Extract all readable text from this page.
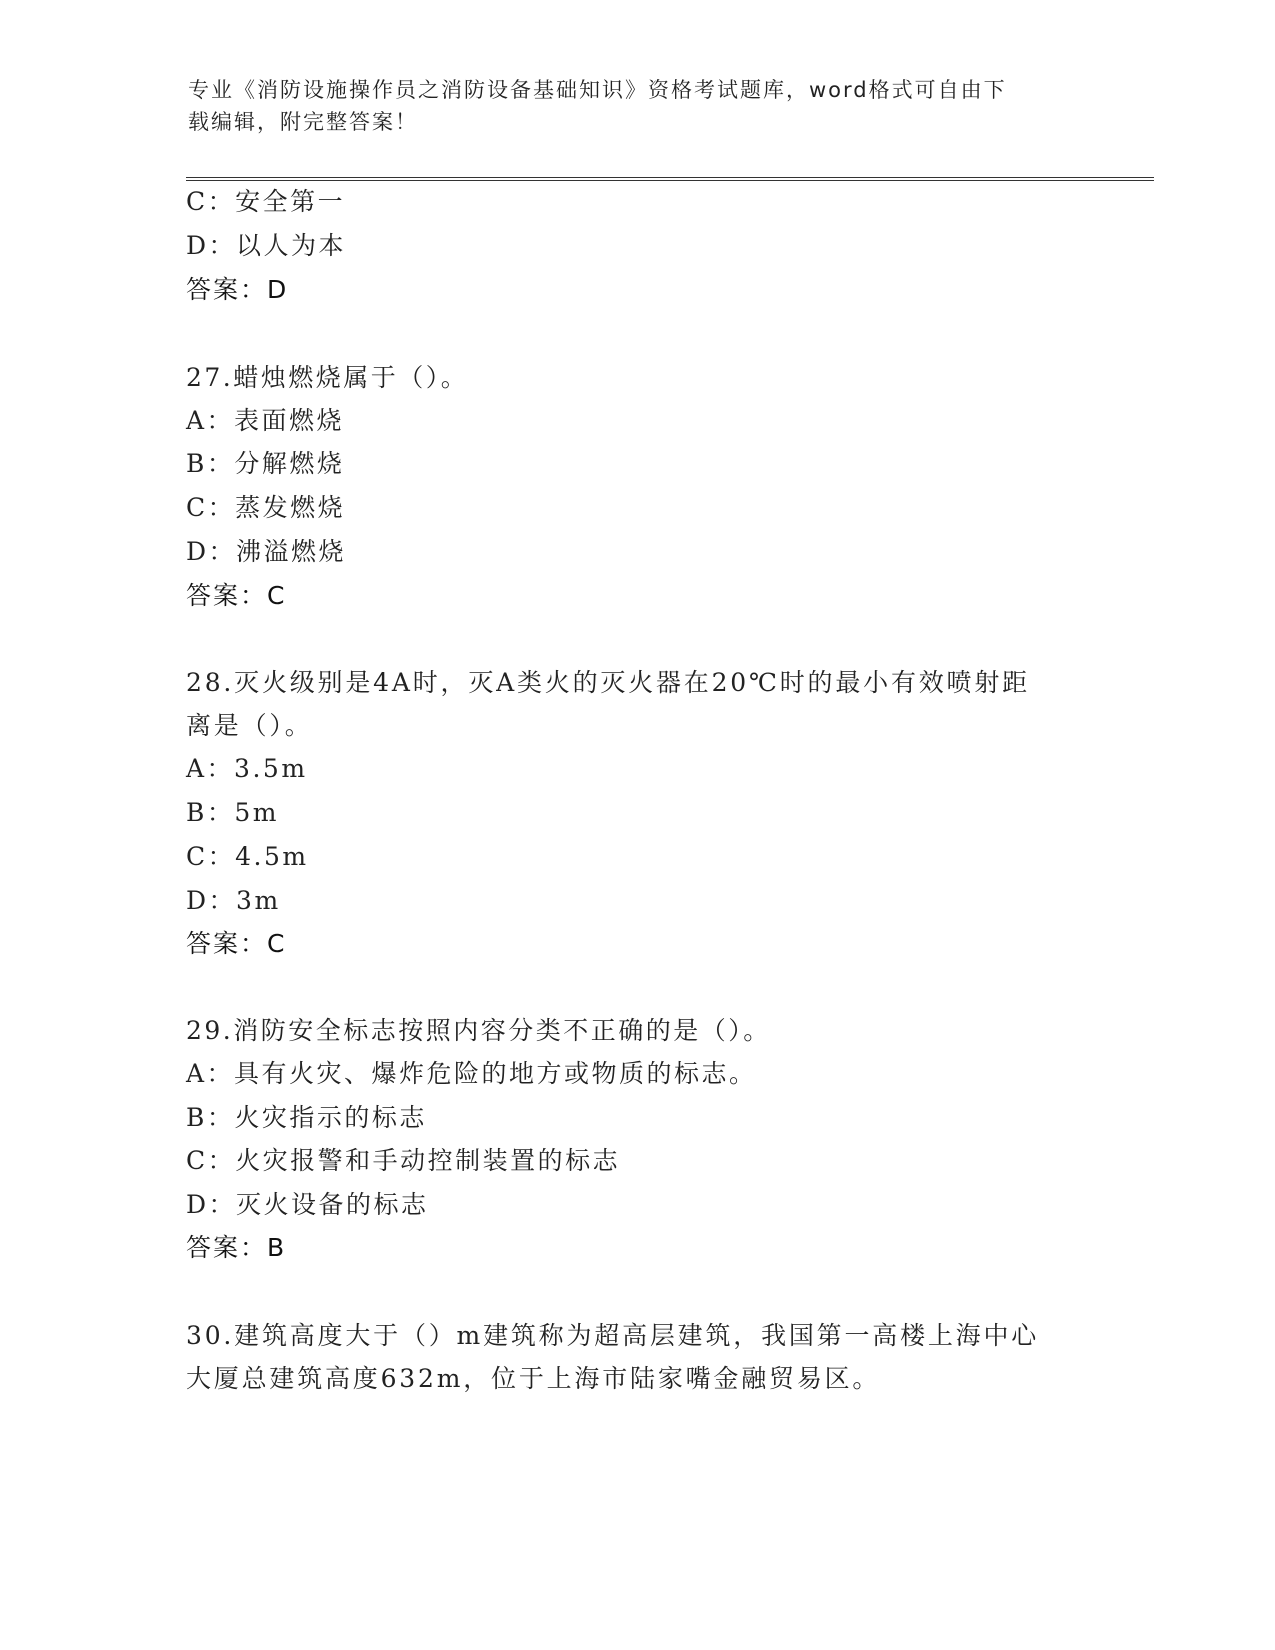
专业《消防设施操作员之消防设备基础知识》资格考试题库，word格式可自由下
载编辑，附完整答案！
C：安全第一
D：以人为本
答案：D
27.蜡烛燃烧属于（）。
A：表面燃烧
B：分解燃烧
C：蒸发燃烧
D：沸溢燃烧
答案：C
28.灭火级别是4A时，灭A类火的灭火器在20℃时的最小有效喷射距
离是（）。
A：3.5m
B：5m
C：4.5m
D：3m
答案：C
29.消防安全标志按照内容分类不正确的是（）。
A：具有火灾、爆炸危险的地方或物质的标志。
B：火灾指示的标志
C：火灾报警和手动控制装置的标志
D：灭火设备的标志
答案：B
30.建筑高度大于（）m建筑称为超高层建筑，我国第一高楼上海中心
大厦总建筑高度632m，位于上海市陆家嘴金融贸易区。
